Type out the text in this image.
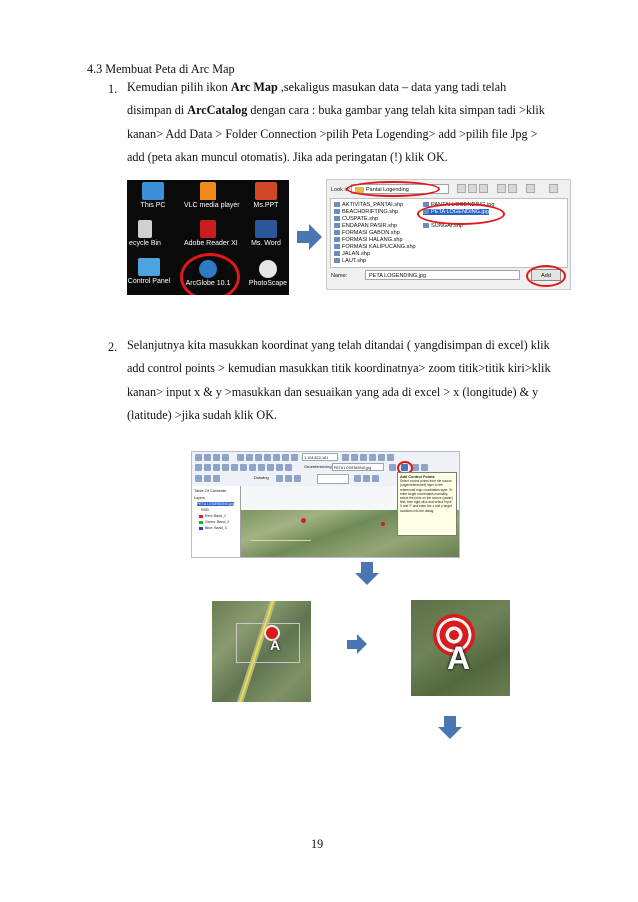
4.3 Membuat Peta di Arc Map
1. Kemudian pilih ikon Arc Map ,sekaligus masukan data – data yang tadi telah
disimpan di ArcCatalog dengan cara : buka gambar yang telah kita simpan tadi >klik
kanan> Add Data > Folder Connection >pilih Peta Logending> add >pilih file Jpg >
add (peta akan muncul otomatis). Jika ada peringatan (!) klik OK.
This PC	VLC media player	Ms.PPT
ecycle Bin	Adobe Reader XI	Ms. Word
Control Panel	ArcGlobe 10.1	PhotoScape
Look in:	Pantai Logending
AKTIVITAS_PANTAI.shp
BEACHDRIFTING.shp
CUSPATE.shp
ENDAPAN PASIR.shp
FORMASI GABON.shp
FORMASI HALANG.shp
FORMASI KALIPUCANG.shp
JALAN.shp
LAUT.shp
PANTAI LOGENDING.jpg
PETA LOGENDING.jpg
SUNGAI.shp
Name:	PETA LOGENDING.jpg	Add
2. Selanjutnya kita masukkan koordinat yang telah ditandai ( yangdisimpan di excel) klik
add control points > kemudian masukkan titik koordinatnya> zoom titik>titik kiri>klik
kanan> input x & y >masukkan dan sesuaikan yang ada di excel > x (longitude) & y
(latitude) >jika sudah klik OK.
1:104,822,181
Georeferencing PETA LOGENDING.jpg
Drawing
Table Of Contents
Layers
PETA LOGENDING.jpg
RGB
Red: Band_1
Green: Band_2
Blue: Band_3
Add Control Points
Select control points from the source (ungeoreferenced) layer to the referenced map coordinates layer. To enter target coordinates manually, select the point on the source (raster) first, then right-click and select 'Input X and Y' and enter the x and y target locations into the dialog.
A	A
19
